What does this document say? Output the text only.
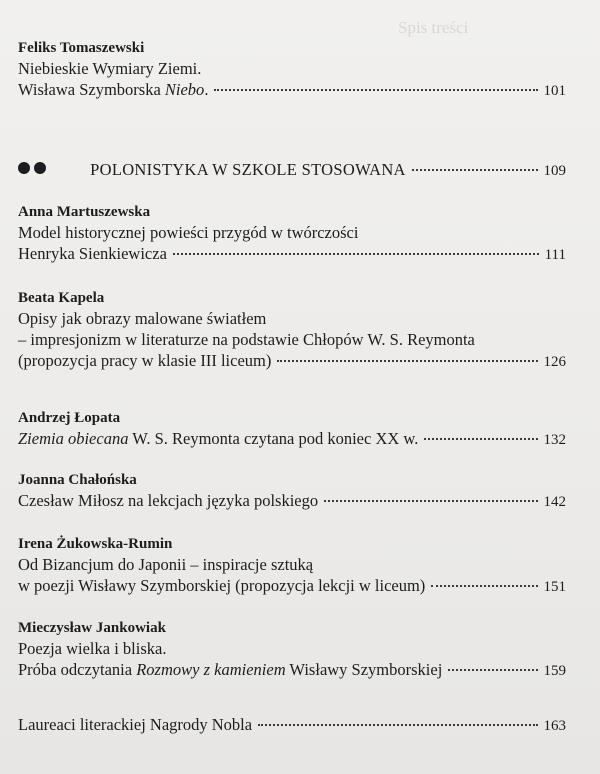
Spis treści
Feliks Tomaszewski
Niebieskie Wymiary Ziemi.
Wisława Szymborska Niebo.	101
POLONISTYKA W SZKOLE STOSOWANA	109
Anna Martuszewska
Model historycznej powieści przygód w twórczości
Henryka Sienkiewicza	111
Beata Kapela
Opisy jak obrazy malowane światłem
– impresjonizm w literaturze na podstawie Chłopów W. S. Reymonta
(propozycja pracy w klasie III liceum)	126
Andrzej Łopata
Ziemia obiecana W. S. Reymonta czytana pod koniec XX w.	132
Joanna Chałońska
Czesław Miłosz na lekcjach języka polskiego	142
Irena Żukowska-Rumin
Od Bizancjum do Japonii – inspiracje sztuką
w poezji Wisławy Szymborskiej (propozycja lekcji w liceum)	151
Mieczysław Jankowiak
Poezja wielka i bliska.
Próba odczytania Rozmowy z kamieniem Wisławy Szymborskiej	159
Laureaci literackiej Nagrody Nobla	163
